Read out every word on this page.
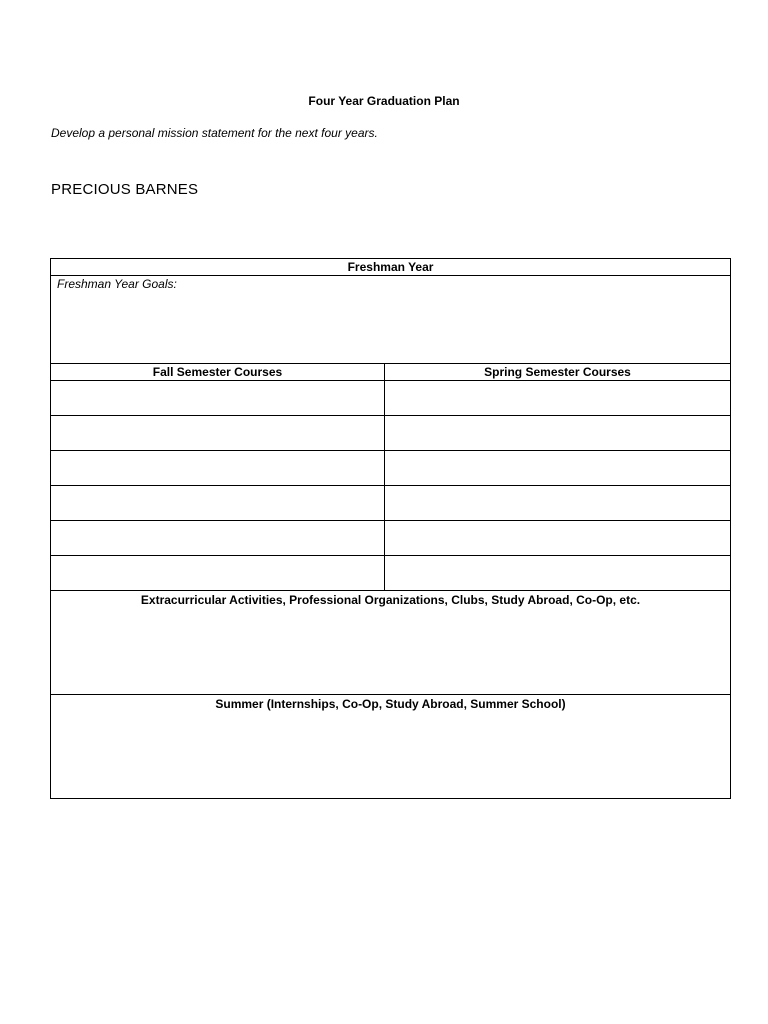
Four Year Graduation Plan
Develop a personal mission statement for the next four years.
PRECIOUS BARNES
Freshman Year	
Freshman Year Goals:	
Fall Semester Courses	Spring Semester Courses

Extracurricular Activities, Professional Organizations, Clubs, Study Abroad, Co-Op, etc.	

Summer (Internships, Co-Op, Study Abroad, Summer School)	
